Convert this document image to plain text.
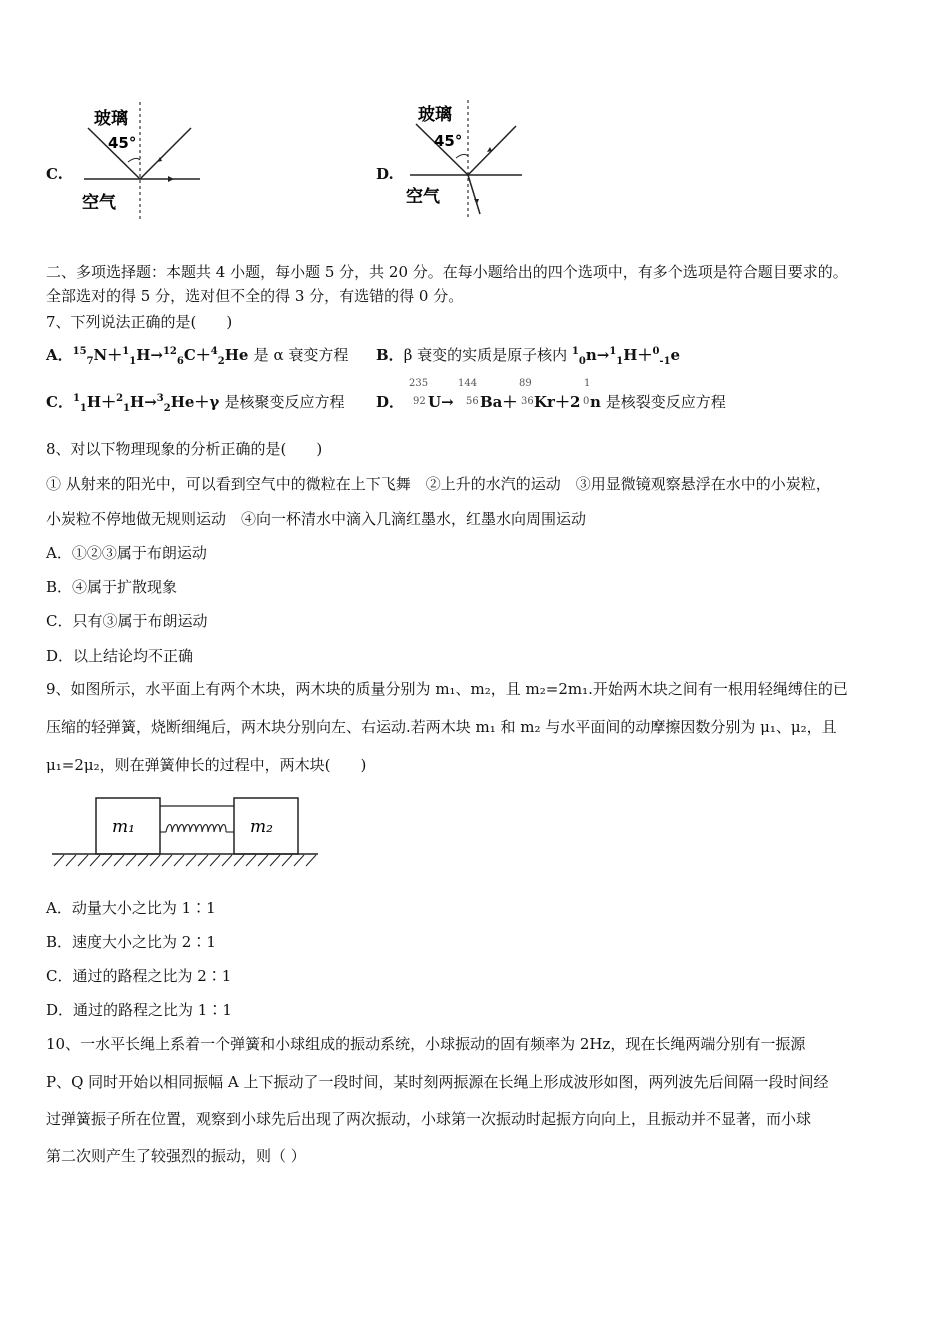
C.
玻璃
45°
空气
D.
玻璃
45°
空气
二、多项选择题：本题共 4 小题，每小题 5 分，共 20 分。在每小题给出的四个选项中，有多个选项是符合题目要求的。
全部选对的得 5 分，选对但不全的得 3 分，有选错的得 0 分。
7、下列说法正确的是(　　)
A．$^{15}_7$N＋$^1_1$H→$^{12}_6$C＋$^4_2$He 是 α 衰变方程 B．β 衰变的实质是原子核内 $^1_0$n→$^1_1$H＋$^0_{-1}$e
C．$^1_1$H＋$^2_1$H→$^3_2$He＋γ 是核聚变反应方程 D．
235
92 U→
144
56 Ba＋
89
36 Kr＋2
1
0 n 是核裂变反应方程
8、对以下物理现象的分析正确的是(　　)
① 从射来的阳光中，可以看到空气中的微粒在上下飞舞　②上升的水汽的运动　③用显微镜观察悬浮在水中的小炭粒，
小炭粒不停地做无规则运动　④向一杯清水中滴入几滴红墨水，红墨水向周围运动
A．①②③属于布朗运动
B．④属于扩散现象
C．只有③属于布朗运动
D．以上结论均不正确
9、如图所示，水平面上有两个木块，两木块的质量分别为 m₁、m₂，且 m₂=2m₁.开始两木块之间有一根用轻绳缚住的已
压缩的轻弹簧，烧断细绳后，两木块分别向左、右运动.若两木块 m₁ 和 m₂ 与水平面间的动摩擦因数分别为 μ₁、μ₂，且
μ₁=2μ₂，则在弹簧伸长的过程中，两木块(　　)
m₁	m₂
A．动量大小之比为 1∶1
B．速度大小之比为 2∶1
C．通过的路程之比为 2∶1
D．通过的路程之比为 1∶1
10、一水平长绳上系着一个弹簧和小球组成的振动系统，小球振动的固有频率为 2Hz，现在长绳两端分别有一振源
P、Q 同时开始以相同振幅 A 上下振动了一段时间，某时刻两振源在长绳上形成波形如图，两列波先后间隔一段时间经
过弹簧振子所在位置，观察到小球先后出现了两次振动，小球第一次振动时起振方向向上，且振动并不显著，而小球
第二次则产生了较强烈的振动，则（ ）
